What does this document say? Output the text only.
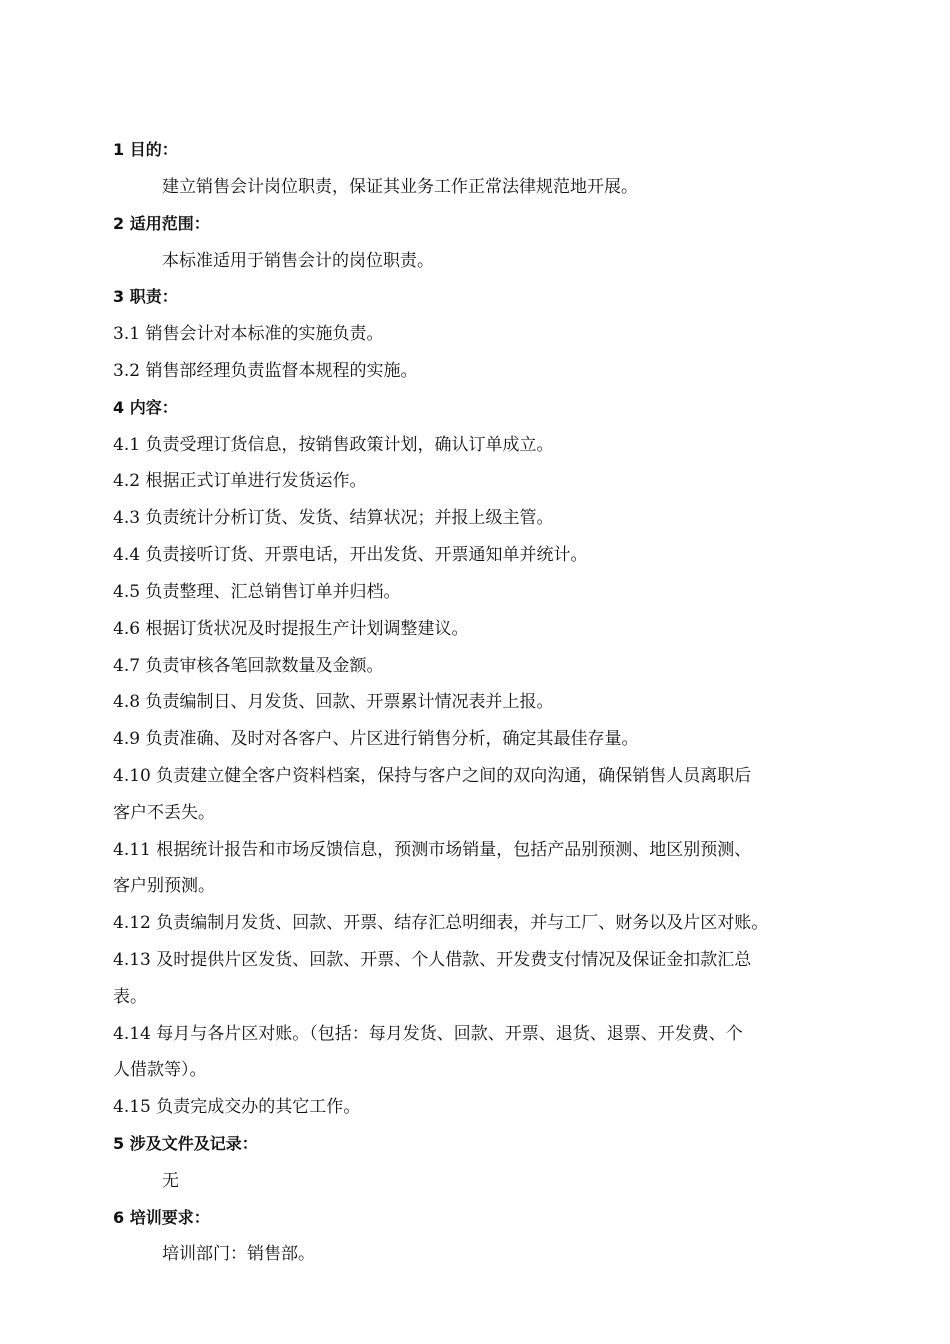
1 目的：
建立销售会计岗位职责，保证其业务工作正常法律规范地开展。
2 适用范围：
本标准适用于销售会计的岗位职责。
3 职责：
3.1 销售会计对本标准的实施负责。
3.2 销售部经理负责监督本规程的实施。
4 内容：
4.1 负责受理订货信息，按销售政策计划，确认订单成立。
4.2 根据正式订单进行发货运作。
4.3 负责统计分析订货、发货、结算状况；并报上级主管。
4.4 负责接听订货、开票电话，开出发货、开票通知单并统计。
4.5 负责整理、汇总销售订单并归档。
4.6 根据订货状况及时提报生产计划调整建议。
4.7 负责审核各笔回款数量及金额。
4.8 负责编制日、月发货、回款、开票累计情况表并上报。
4.9 负责准确、及时对各客户、片区进行销售分析，确定其最佳存量。
4.10 负责建立健全客户资料档案，保持与客户之间的双向沟通，确保销售人员离职后
客户不丢失。
4.11 根据统计报告和市场反馈信息，预测市场销量，包括产品别预测、地区别预测、
客户别预测。
4.12 负责编制月发货、回款、开票、结存汇总明细表，并与工厂、财务以及片区对账。
4.13 及时提供片区发货、回款、开票、个人借款、开发费支付情况及保证金扣款汇总
表。
4.14 每月与各片区对账。（包括：每月发货、回款、开票、退货、退票、开发费、个
人借款等）。
4.15 负责完成交办的其它工作。
5 涉及文件及记录：
无
6 培训要求：
培训部门：销售部。
